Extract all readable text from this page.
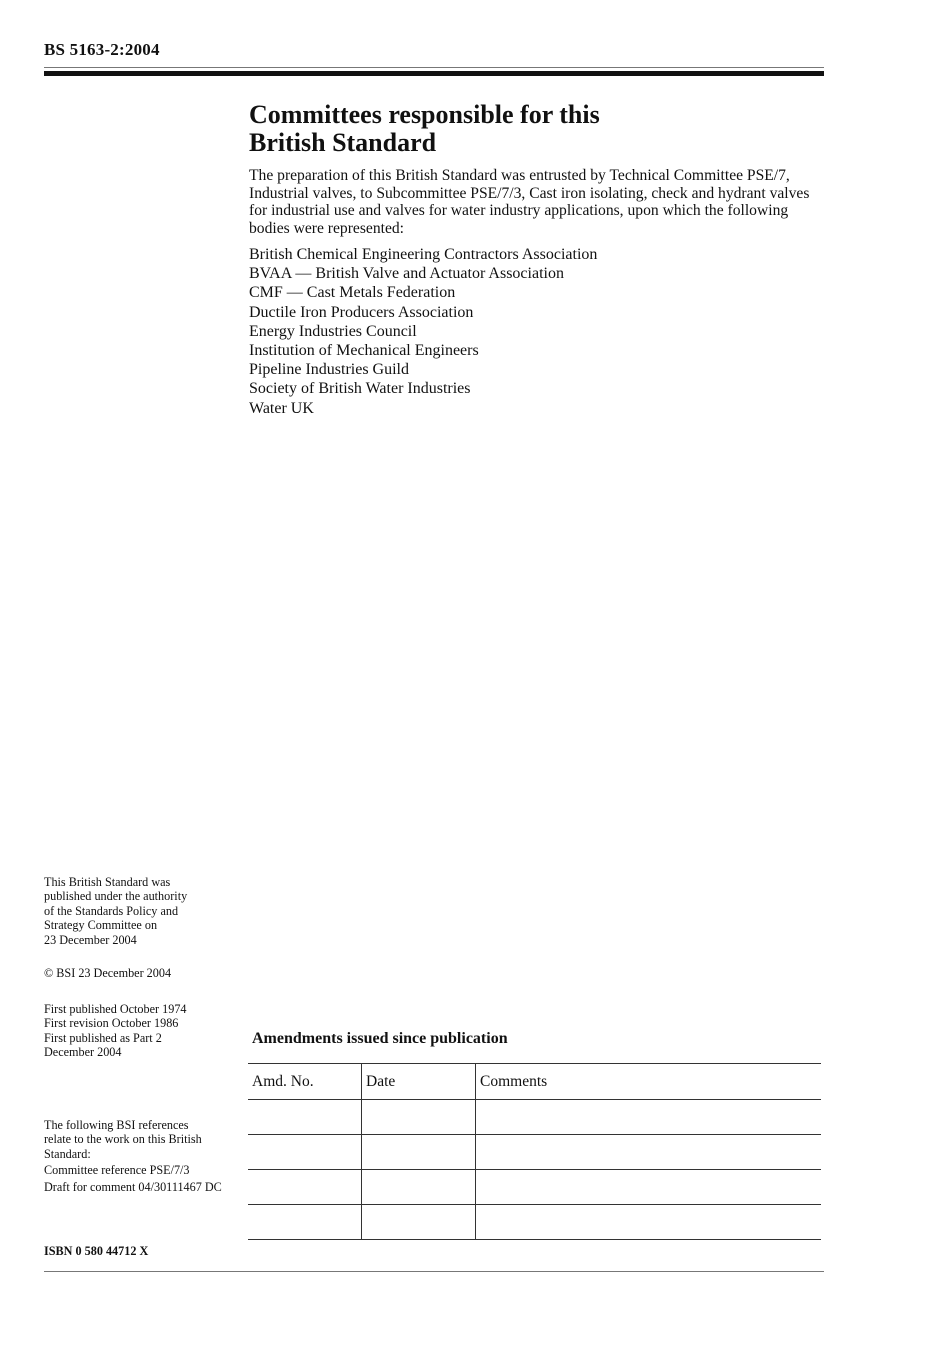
BS 5163-2:2004
Committees responsible for this
British Standard

The preparation of this British Standard was entrusted by Technical Committee PSE/7, Industrial valves, to Subcommittee PSE/7/3, Cast iron isolating, check and hydrant valves for industrial use and valves for water industry applications, upon which the following bodies were represented:

British Chemical Engineering Contractors Association
BVAA — British Valve and Actuator Association
CMF — Cast Metals Federation
Ductile Iron Producers Association
Energy Industries Council
Institution of Mechanical Engineers
Pipeline Industries Guild
Society of British Water Industries
Water UK
This British Standard was
published under the authority
of the Standards Policy and
Strategy Committee on
23 December 2004
© BSI 23 December 2004
First published October 1974
First revision October 1986
First published as Part 2
December 2004
The following BSI references
relate to the work on this British
Standard:
Committee reference PSE/7/3
Draft for comment 04/30111467 DC
Amendments issued since publication
Amd. No.	Date	Comments

ISBN 0 580 44712 X
